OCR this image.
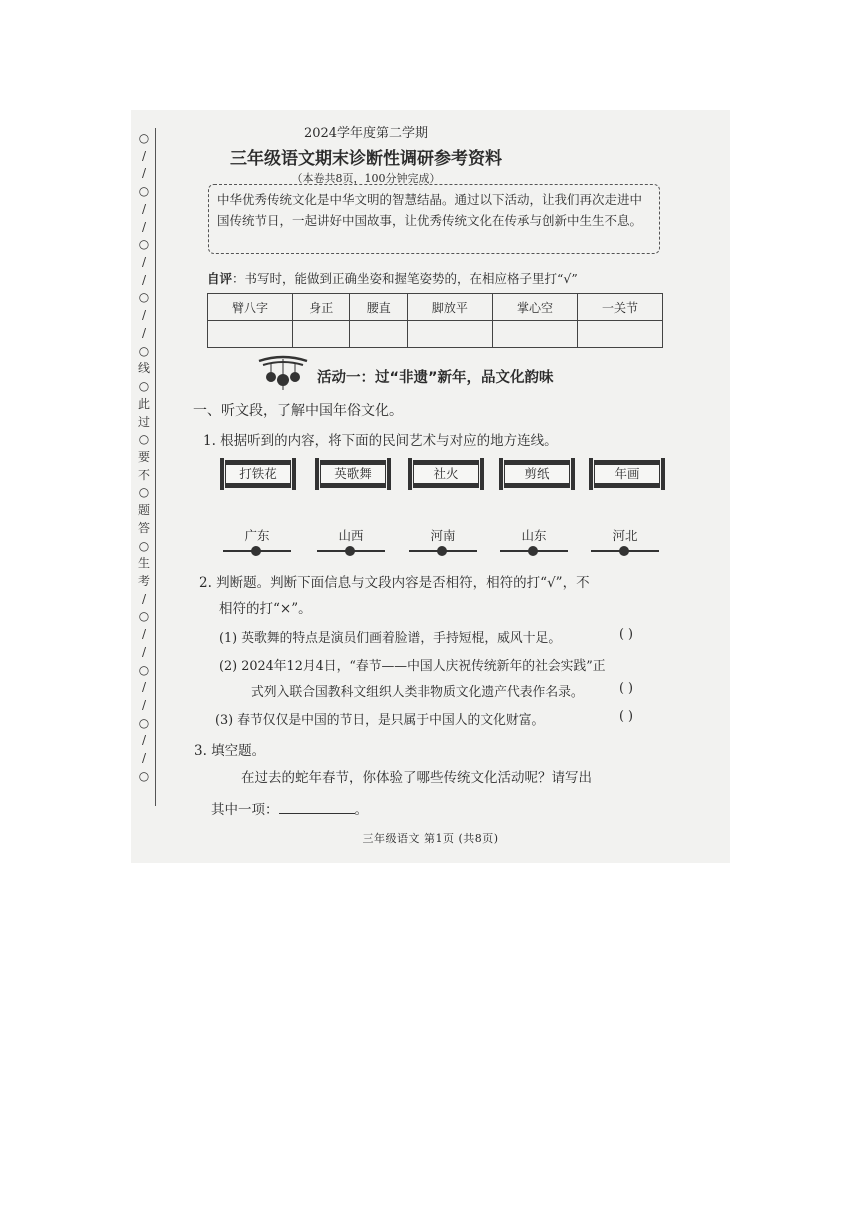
○
/
/
○
/
/
○
/
/
○
/
/
○
线
○
此
过
○
要
不
○
题
答
○
生
考
/
○
/
/
○
/
/
○
/
/
○
2024学年度第二学期
三年级语文期末诊断性调研参考资料
（本卷共8页，100分钟完成）
中华优秀传统文化是中华文明的智慧结晶。通过以下活动，让我们再次走进中国传统节日，一起讲好中国故事，让优秀传统文化在传承与创新中生生不息。
自评：书写时，能做到正确坐姿和握笔姿势的，在相应格子里打“√”
臂八字	身正	腰直	脚放平	掌心空	一关节

活动一：过“非遗”新年，品文化韵味
一、听文段，了解中国年俗文化。
1. 根据听到的内容，将下面的民间艺术与对应的地方连线。
打铁花	英歌舞	社火	剪纸	年画
广东	山西	河南	山东	河北
2. 判断题。判断下面信息与文段内容是否相符，相符的打“√”，不
相符的打“×”。
(1) 英歌舞的特点是演员们画着脸谱，手持短棍，威风十足。	( )
(2) 2024年12月4日，“春节——中国人庆祝传统新年的社会实践”正
式列入联合国教科文组织人类非物质文化遗产代表作名录。	( )
(3) 春节仅仅是中国的节日，是只属于中国人的文化财富。	( )
3. 填空题。
在过去的蛇年春节，你体验了哪些传统文化活动呢？请写出
其中一项：	。
三年级语文 第1页 (共8页)
